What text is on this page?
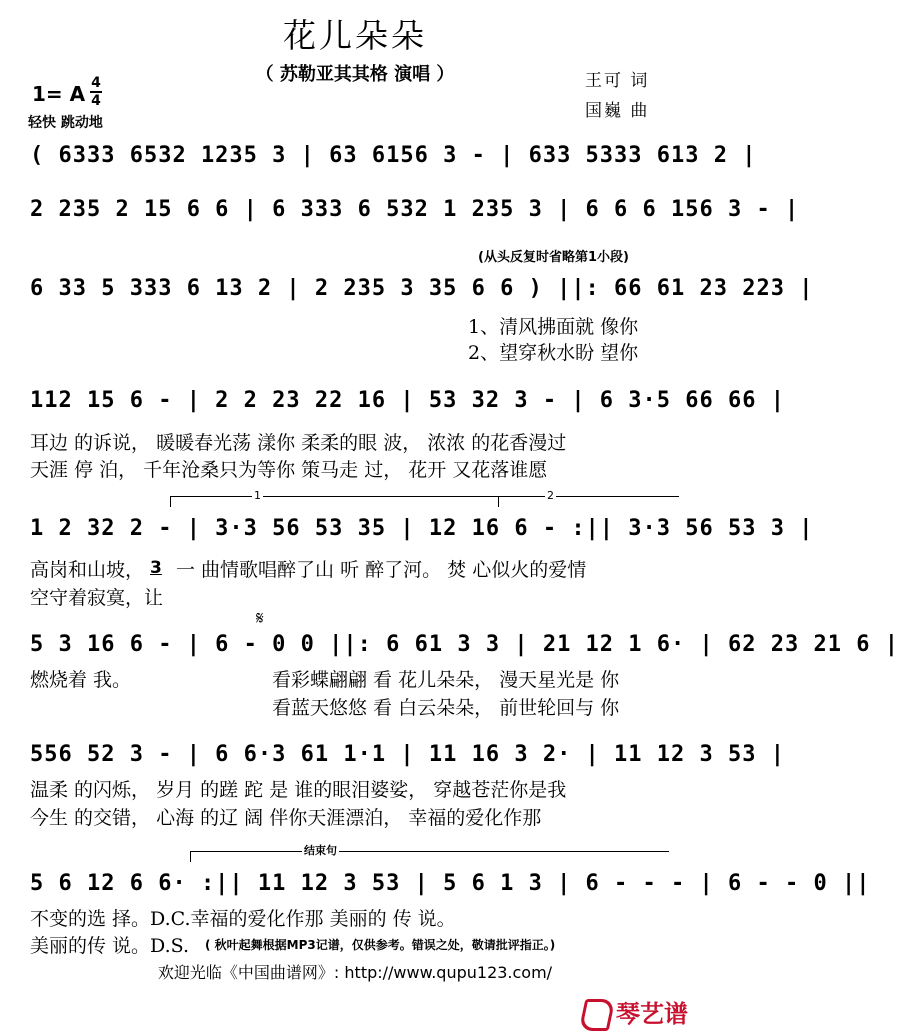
花儿朵朵
（ 苏勒亚其其格 演唱 ）
1= A 4
4
轻快 跳动地
王可 词
国巍 曲
( 6333 6532 1235 3 | 63 6156 3 - | 633 5333 613 2 |
2 235 2 15 6 6 | 6 333 6 532 1 235 3 | 6 6 6 156 3 - |
(从头反复时省略第1小段)
6 33 5 333 6 13 2 | 2 235 3 35 6 6 ) ||: 66 61 23 223 |
1、清风拂面就 像你
2、望穿秋水盼 望你
112 15 6 - | 2 2 23 22 16 | 53 32 3 - | 6 3·5 66 66 |
耳边 的诉说， 暖暖春光荡 漾你 柔柔的眼 波， 浓浓 的花香漫过
天涯 停 泊， 千年沧桑只为等你 策马走 过， 花开 又花落谁愿
1	2
1 2 32 2 - | 3·3 56 53 35 | 12 16 6 - :|| 3·3 56 53 3 |
高岗和山坡， 3 一 曲情歌唱醉了山 听 醉了河。 焚 心似火的爱情
空守着寂寞，让
𝄋
5 3 16 6 - | 6 - 0 0 ||: 6 61 3 3 | 21 12 1 6· | 62 23 21 6 |
燃烧着 我。	看彩蝶翩翩 看 花儿朵朵， 漫天星光是 你
看蓝天悠悠 看 白云朵朵， 前世轮回与 你
556 52 3 - | 6 6·3 61 1·1 | 11 16 3 2· | 11 12 3 53 |
温柔 的闪烁， 岁月 的蹉 跎 是 谁的眼泪婆娑， 穿越苍茫你是我
今生 的交错， 心海 的辽 阔 伴你天涯漂泊， 幸福的爱化作那
结束句
5 6 12 6 6· :|| 11 12 3 53 | 5 6 1 3 | 6 - - - | 6 - - 0 ||
不变的选 择。D.C.幸福的爱化作那 美丽的 传 说。
美丽的传 说。D.S. ( 秋叶起舞根据MP3记谱，仅供参考。错误之处，敬请批评指正。)
欢迎光临《中国曲谱网》: http://www.qupu123.com/
琴艺谱
